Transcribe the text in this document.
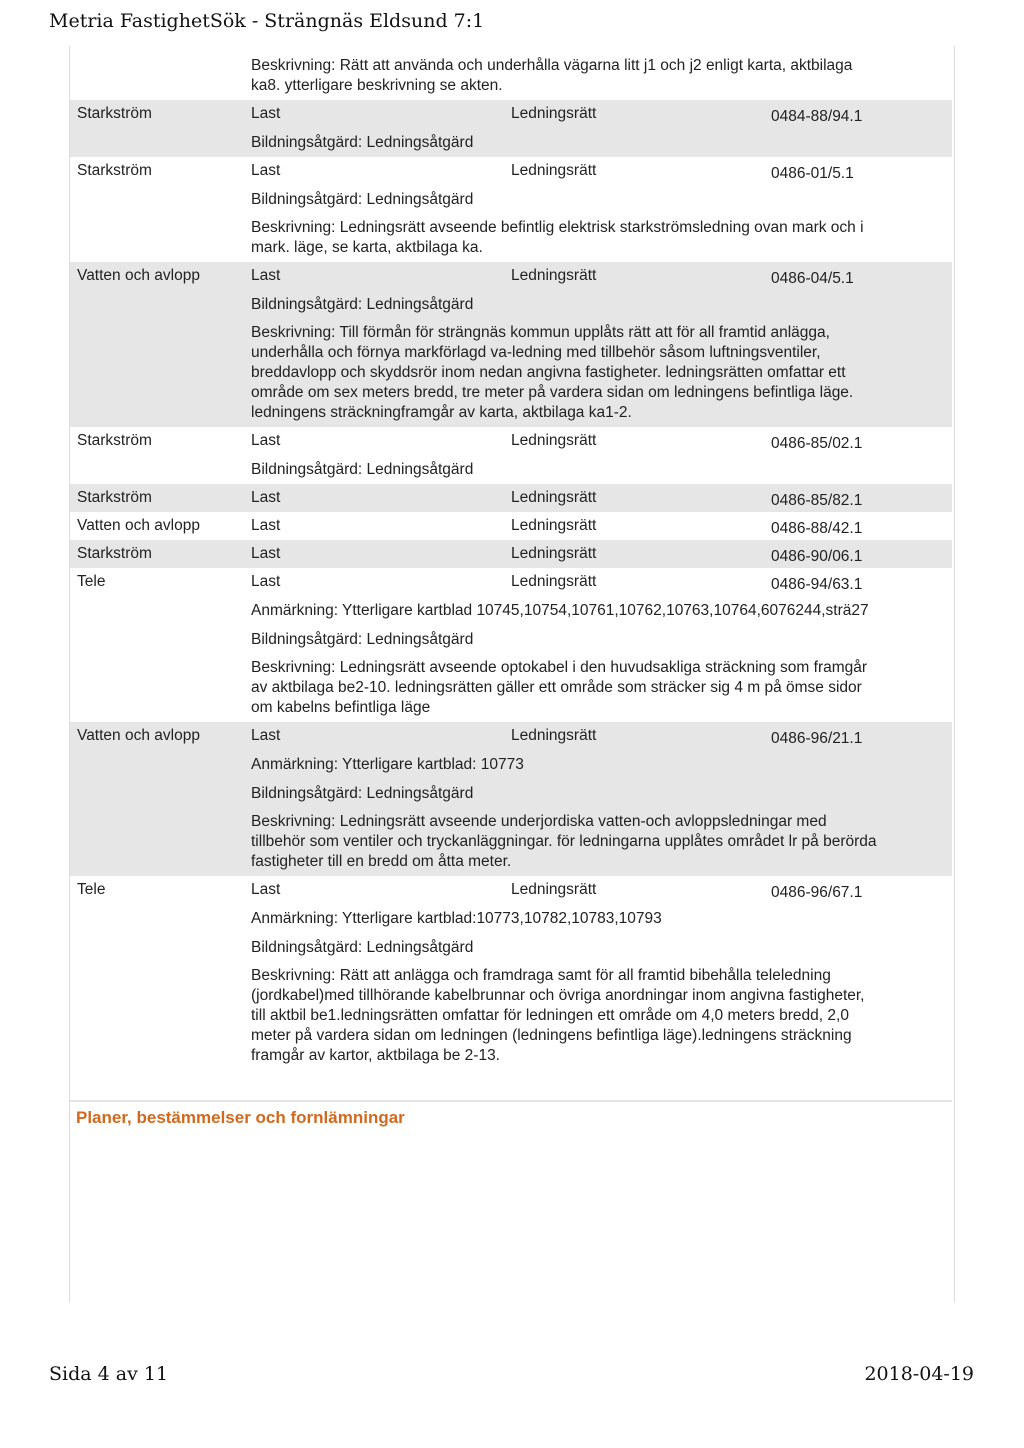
Metria FastighetSök - Strängnäs Eldsund 7:1
Beskrivning: Rätt att använda och underhålla vägarna litt j1 och j2 enligt karta, aktbilaga
ka8. ytterligare beskrivning se akten.
Starkström	Last	Ledningsrätt	0484-88/94.1
Bildningsåtgärd: Ledningsåtgärd
Starkström	Last	Ledningsrätt	0486-01/5.1
Bildningsåtgärd: Ledningsåtgärd
Beskrivning: Ledningsrätt avseende befintlig elektrisk starkströmsledning ovan mark och i
mark. läge, se karta, aktbilaga ka.
Vatten och avlopp	Last	Ledningsrätt	0486-04/5.1
Bildningsåtgärd: Ledningsåtgärd
Beskrivning: Till förmån för strängnäs kommun upplåts rätt att för all framtid anlägga,
underhålla och förnya markförlagd va-ledning med tillbehör såsom luftningsventiler,
breddavlopp och skyddsrör inom nedan angivna fastigheter. ledningsrätten omfattar ett
område om sex meters bredd, tre meter på vardera sidan om ledningens befintliga läge.
ledningens sträckningframgår av karta, aktbilaga ka1-2.
Starkström	Last	Ledningsrätt	0486-85/02.1
Bildningsåtgärd: Ledningsåtgärd
Starkström	Last	Ledningsrätt	0486-85/82.1
Vatten och avlopp	Last	Ledningsrätt	0486-88/42.1
Starkström	Last	Ledningsrätt	0486-90/06.1
Tele	Last	Ledningsrätt	0486-94/63.1
Anmärkning: Ytterligare kartblad 10745,10754,10761,10762,10763,10764,6076244,strä27
Bildningsåtgärd: Ledningsåtgärd
Beskrivning: Ledningsrätt avseende optokabel i den huvudsakliga sträckning som framgår
av aktbilaga be2-10. ledningsrätten gäller ett område som sträcker sig 4 m på ömse sidor
om kabelns befintliga läge
Vatten och avlopp	Last	Ledningsrätt	0486-96/21.1
Anmärkning: Ytterligare kartblad: 10773
Bildningsåtgärd: Ledningsåtgärd
Beskrivning: Ledningsrätt avseende underjordiska vatten-och avloppsledningar med
tillbehör som ventiler och tryckanläggningar. för ledningarna upplåtes området lr på berörda
fastigheter till en bredd om åtta meter.
Tele	Last	Ledningsrätt	0486-96/67.1
Anmärkning: Ytterligare kartblad:10773,10782,10783,10793
Bildningsåtgärd: Ledningsåtgärd
Beskrivning: Rätt att anlägga och framdraga samt för all framtid bibehålla teleledning
(jordkabel)med tillhörande kabelbrunnar och övriga anordningar inom angivna fastigheter,
till aktbil be1.ledningsrätten omfattar för ledningen ett område om 4,0 meters bredd, 2,0
meter på vardera sidan om ledningen (ledningens befintliga läge).ledningens sträckning
framgår av kartor, aktbilaga be 2-13.
Planer, bestämmelser och fornlämningar
Sida 4 av 11	2018-04-19
